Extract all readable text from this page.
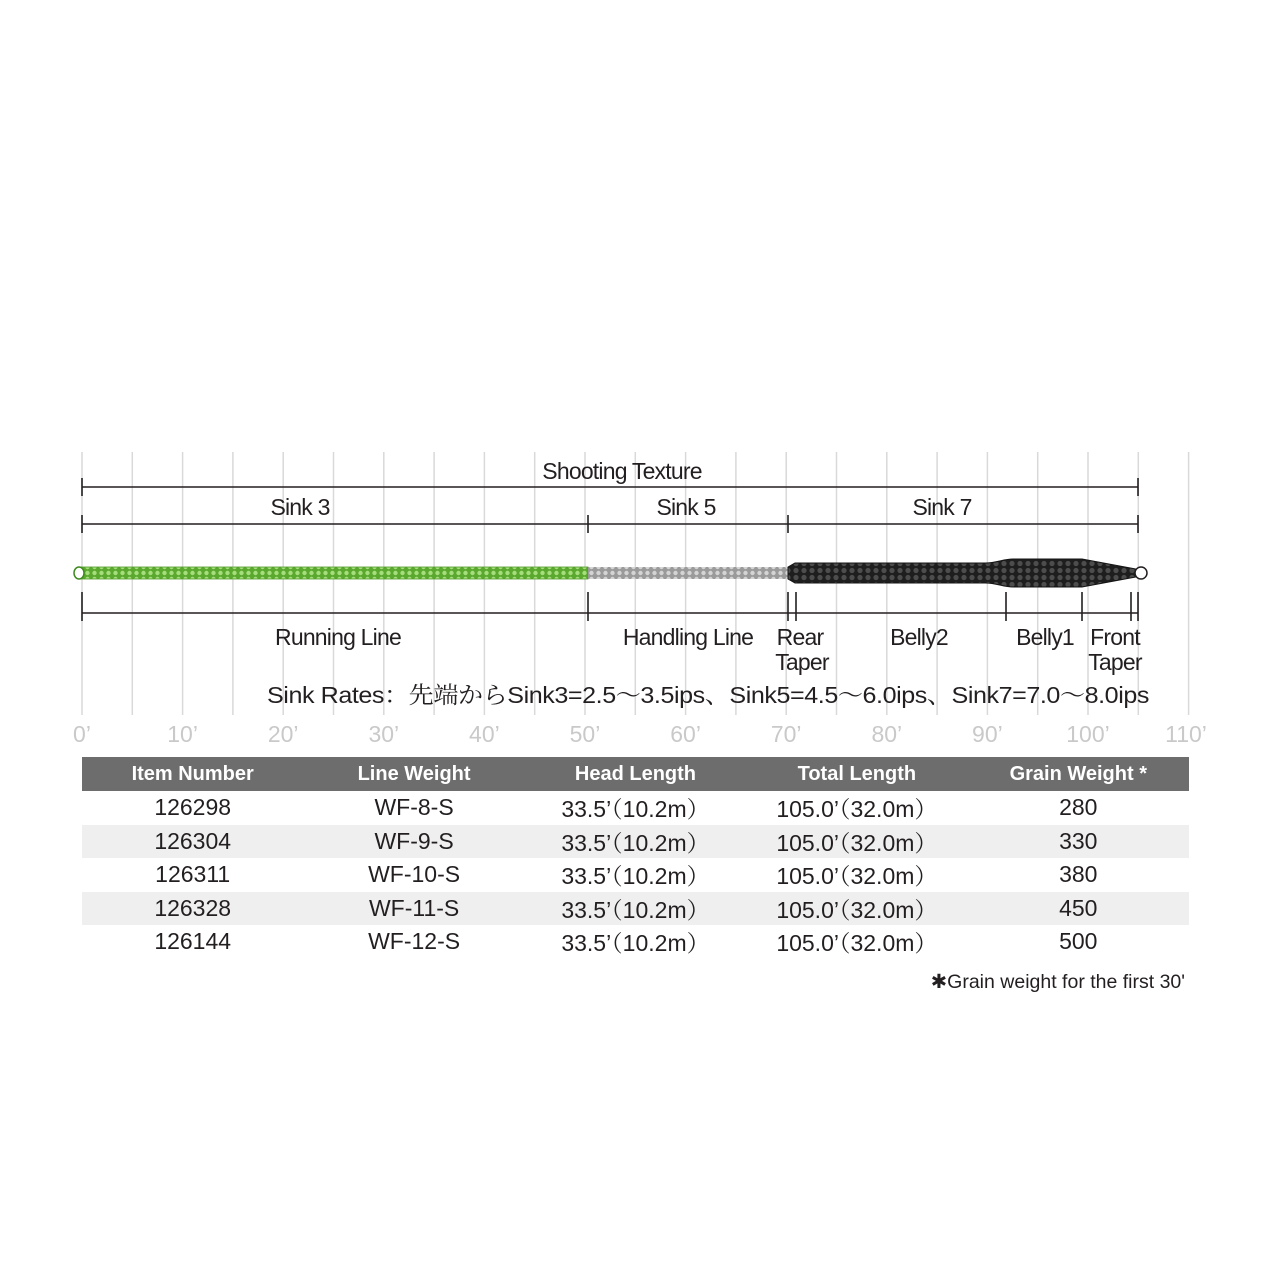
Shooting Texture
Sink 3	Sink 5	Sink 7
Running Line	Handling Line Rear Taper
Belly2	Belly1 Front Taper
Sink Rates：先端からSink3=2.5～3.5ips、Sink5=4.5～6.0ips、Sink7=7.0～8.0ips
0’	10’	20’	30’	40’	50’	60’	70’	80’	90’	100’ 110’
Item Number	Line Weight	Head Length	Total Length	Grain Weight *
126298	WF-8-S	33.5’（10.2m）	105.0’（32.0m）	280
126304	WF-9-S	33.5’（10.2m）	105.0’（32.0m）	330
126311	WF-10-S	33.5’（10.2m）	105.0’（32.0m）	380
126328	WF-11-S	33.5’（10.2m）	105.0’（32.0m）	450
126144	WF-12-S	33.5’（10.2m）	105.0’（32.0m）	500
✱Grain weight for the first 30'
